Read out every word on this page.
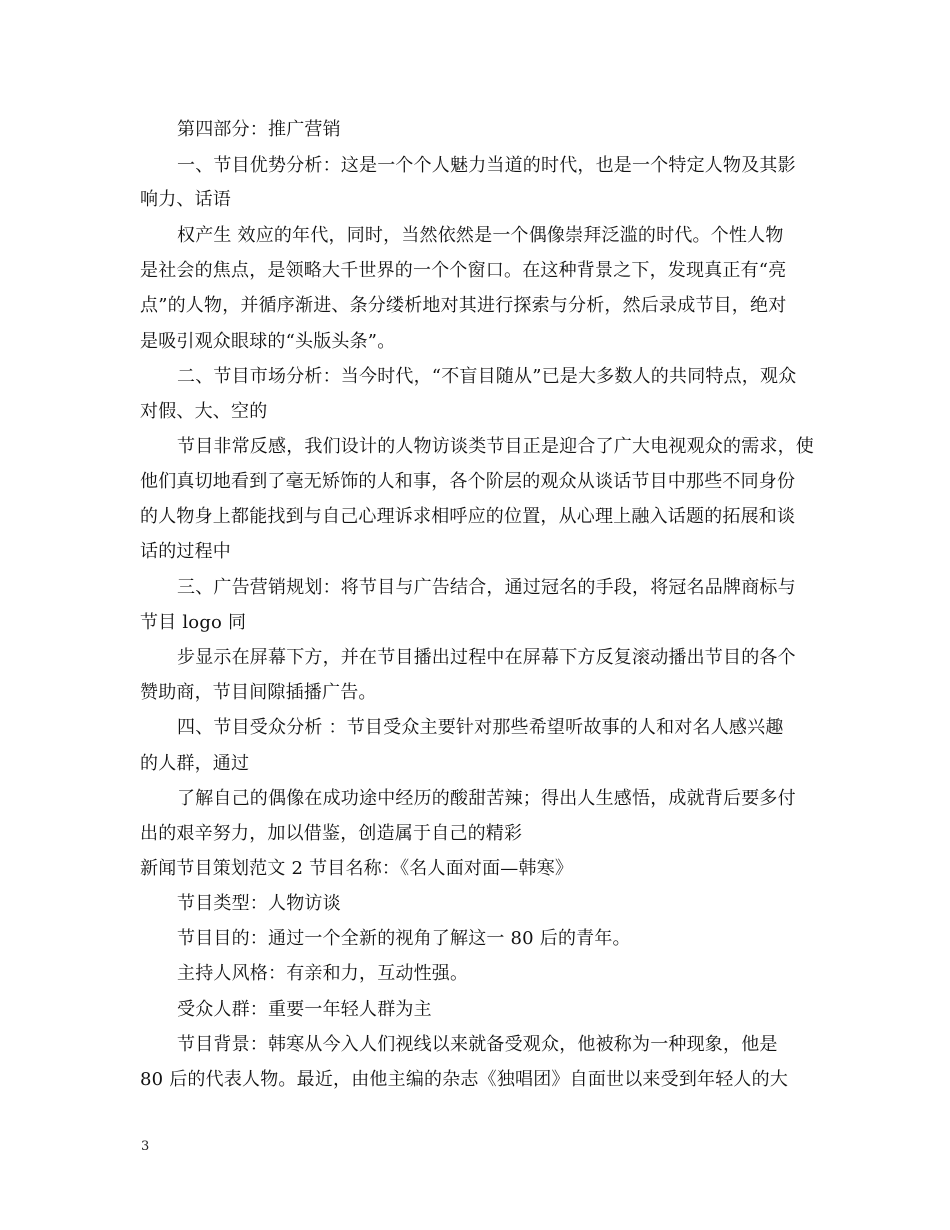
第四部分：推广营销
一、节目优势分析：这是一个个人魅力当道的时代，也是一个特定人物及其影
响力、话语
权产生 效应的年代，同时，当然依然是一个偶像崇拜泛滥的时代。个性人物
是社会的焦点，是领略大千世界的一个个窗口。在这种背景之下，发现真正有“亮
点”的人物，并循序渐进、条分缕析地对其进行探索与分析，然后录成节目，绝对
是吸引观众眼球的“头版头条”。
二、节目市场分析：当今时代，“不盲目随从”已是大多数人的共同特点，观众
对假、大、空的
节目非常反感，我们设计的人物访谈类节目正是迎合了广大电视观众的需求，使
他们真切地看到了毫无矫饰的人和事，各个阶层的观众从谈话节目中那些不同身份
的人物身上都能找到与自己心理诉求相呼应的位置，从心理上融入话题的拓展和谈
话的过程中
三、广告营销规划：将节目与广告结合，通过冠名的手段，将冠名品牌商标与
节目 logo 同
步显示在屏幕下方，并在节目播出过程中在屏幕下方反复滚动播出节目的各个
赞助商，节目间隙插播广告。
四、节目受众分析 ：节目受众主要针对那些希望听故事的人和对名人感兴趣
的人群，通过
了解自己的偶像在成功途中经历的酸甜苦辣；得出人生感悟，成就背后要多付
出的艰辛努力，加以借鉴，创造属于自己的精彩
新闻节目策划范文 2 节目名称：《名人面对面—韩寒》
节目类型：人物访谈
节目目的：通过一个全新的视角了解这一 80 后的青年。
主持人风格：有亲和力，互动性强。
受众人群：重要一年轻人群为主
节目背景：韩寒从今入人们视线以来就备受观众，他被称为一种现象，他是
80 后的代表人物。最近，由他主编的杂志《独唱团》自面世以来受到年轻人的大
3
